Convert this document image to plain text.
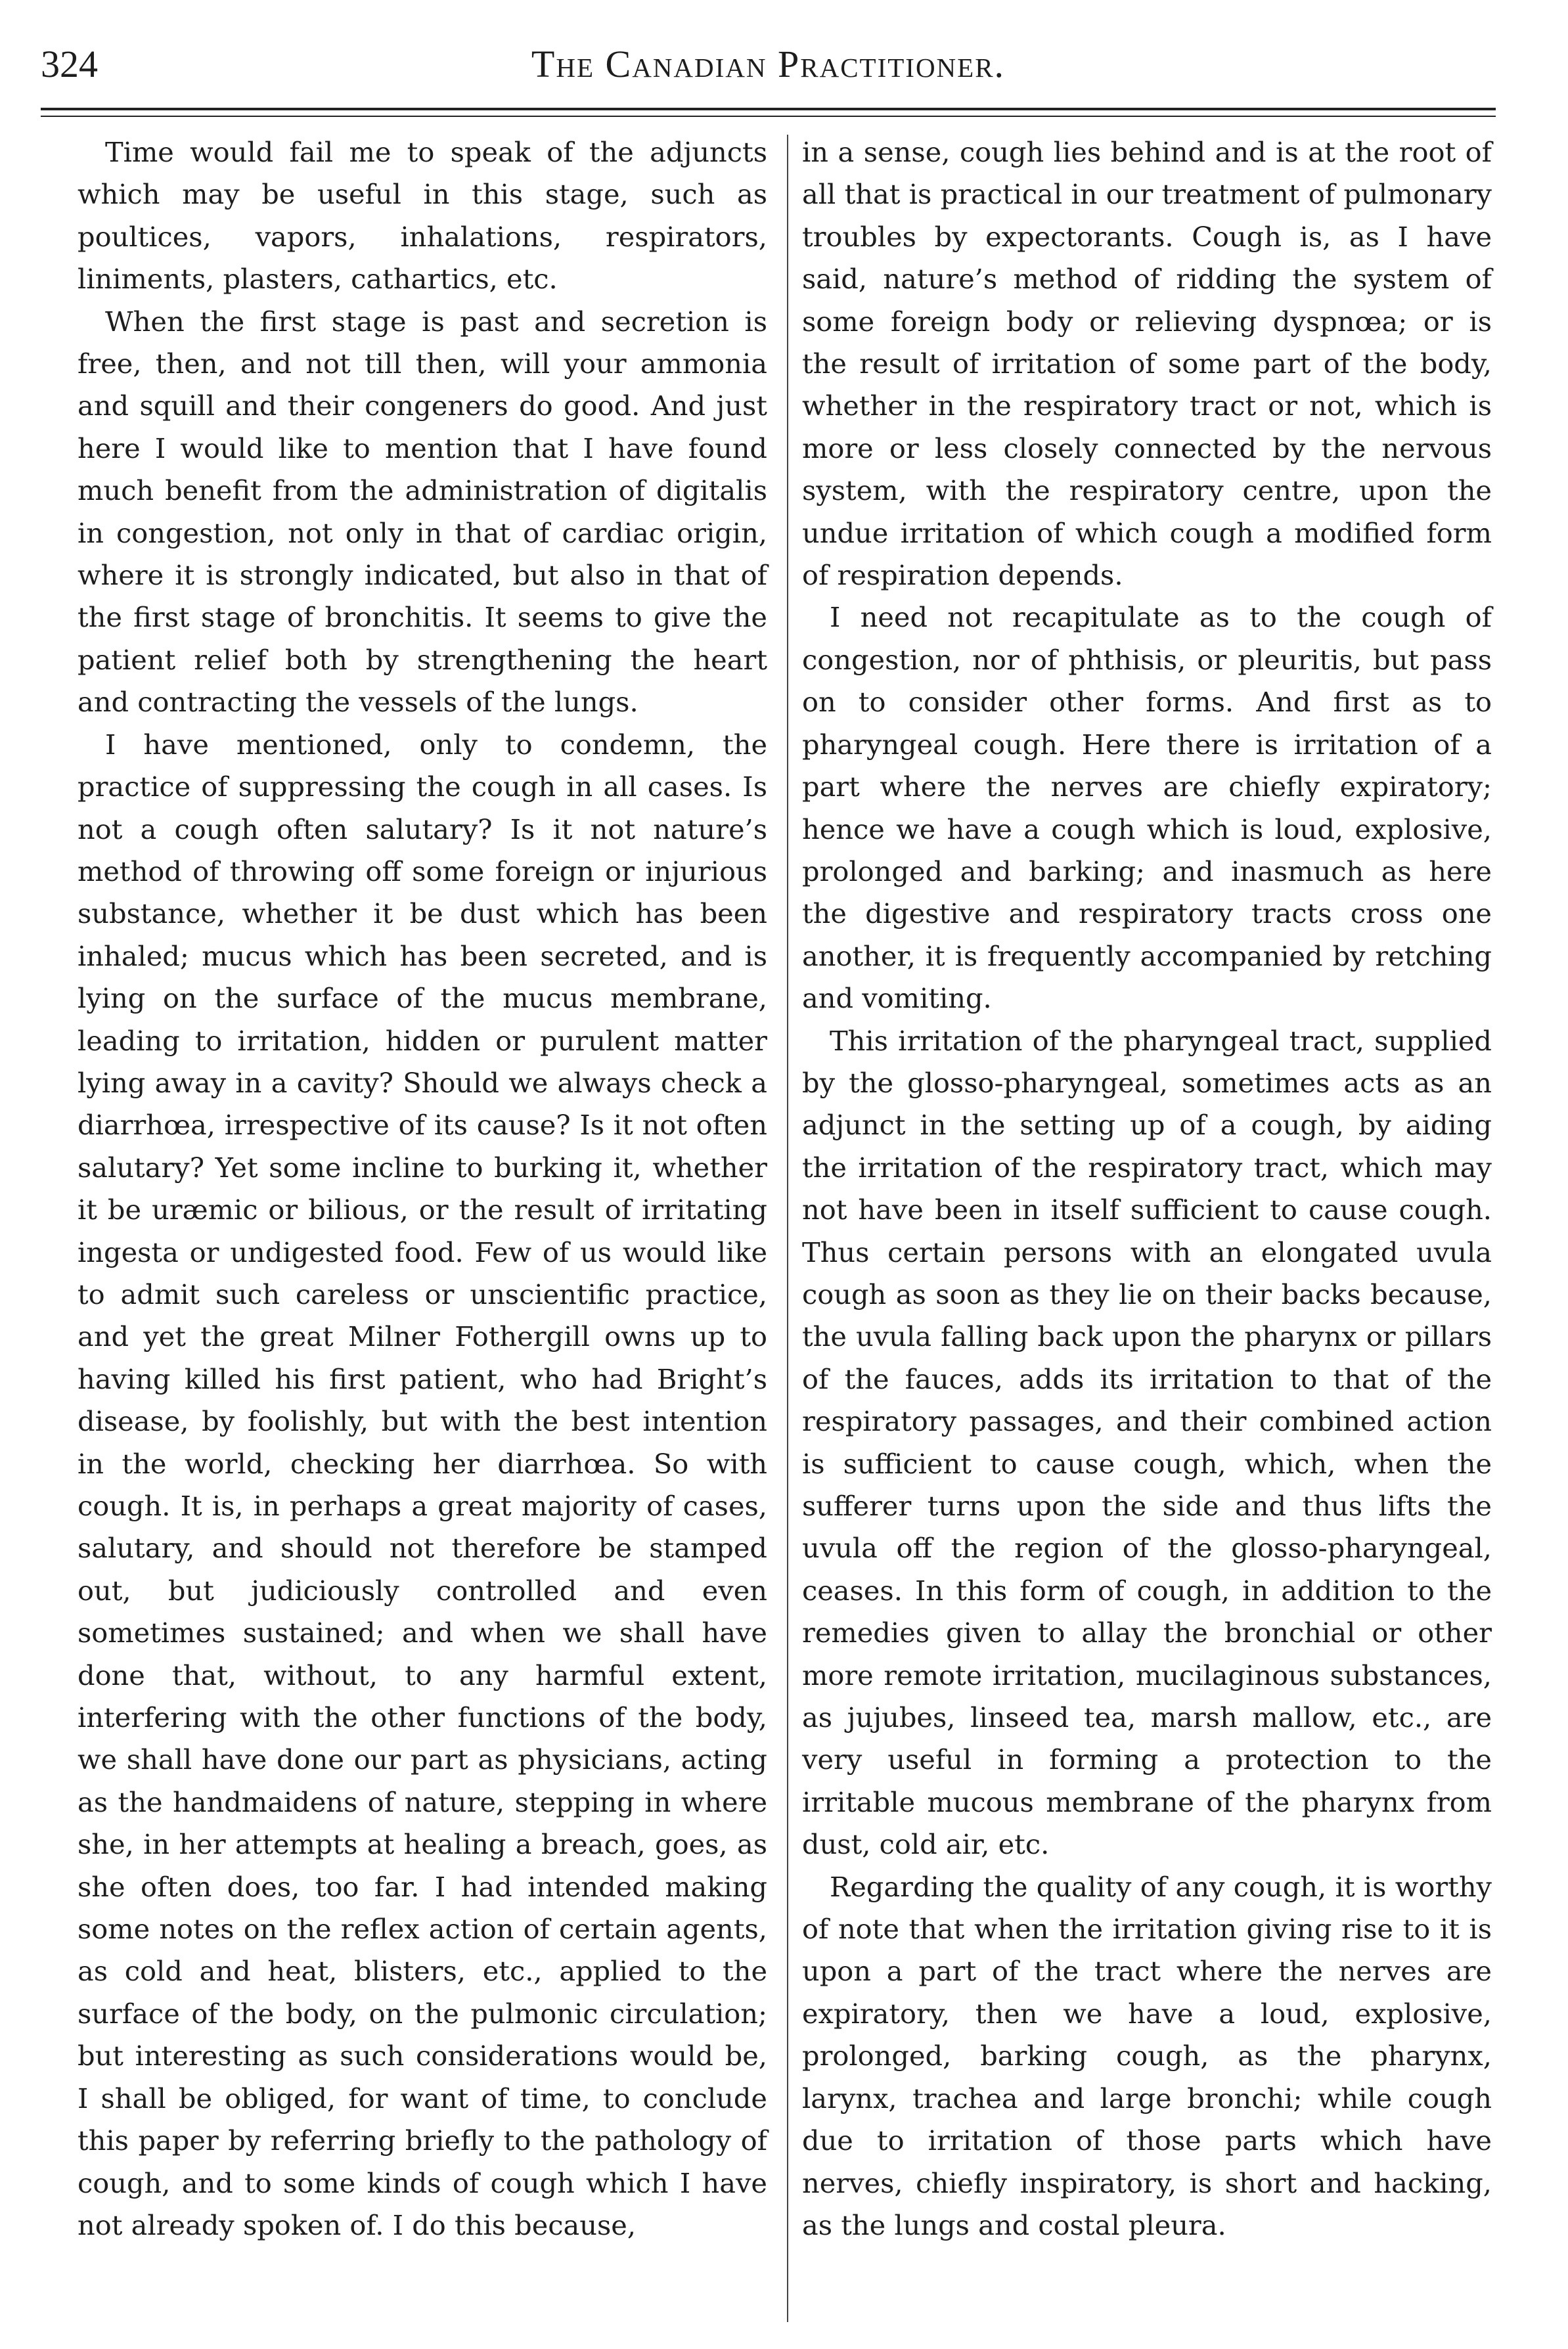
324	The Canadian Practitioner.

Time would fail me to speak of the adjuncts which may be useful in this stage, such as poultices, vapors, inhalations, respirators, liniments, plasters, cathartics, etc.

When the first stage is past and secretion is free, then, and not till then, will your ammonia and squill and their congeners do good. And just here I would like to mention that I have found much benefit from the administration of digitalis in congestion, not only in that of cardiac origin, where it is strongly indicated, but also in that of the first stage of bronchitis. It seems to give the patient relief both by strengthening the heart and contracting the vessels of the lungs.

I have mentioned, only to condemn, the practice of suppressing the cough in all cases. Is not a cough often salutary? Is it not nature’s method of throwing off some foreign or injurious substance, whether it be dust which has been inhaled; mucus which has been secreted, and is lying on the surface of the mucus membrane, leading to irritation, hidden or purulent matter lying away in a cavity? Should we always check a diarrhœa, irrespective of its cause? Is it not often salutary? Yet some incline to burking it, whether it be uræmic or bilious, or the result of irritating ingesta or undigested food. Few of us would like to admit such careless or unscientific practice, and yet the great Milner Fothergill owns up to having killed his first patient, who had Bright’s disease, by foolishly, but with the best intention in the world, checking her diarrhœa. So with cough. It is, in perhaps a great majority of cases, salutary, and should not therefore be stamped out, but judiciously controlled and even sometimes sustained; and when we shall have done that, without, to any harmful extent, interfering with the other functions of the body, we shall have done our part as physicians, acting as the handmaidens of nature, stepping in where she, in her attempts at healing a breach, goes, as she often does, too far. I had intended making some notes on the reflex action of certain agents, as cold and heat, blisters, etc., applied to the surface of the body, on the pulmonic circulation; but interesting as such considerations would be, I shall be obliged, for want of time, to conclude this paper by referring briefly to the pathology of cough, and to some kinds of cough which I have not already spoken of. I do this because,

in a sense, cough lies behind and is at the root of all that is practical in our treatment of pulmonary troubles by expectorants. Cough is, as I have said, nature’s method of ridding the system of some foreign body or relieving dyspnœa; or is the result of irritation of some part of the body, whether in the respiratory tract or not, which is more or less closely connected by the nervous system, with the respiratory centre, upon the undue irritation of which cough a modified form of respiration depends.

I need not recapitulate as to the cough of congestion, nor of phthisis, or pleuritis, but pass on to consider other forms. And first as to pharyngeal cough. Here there is irritation of a part where the nerves are chiefly expiratory; hence we have a cough which is loud, explosive, prolonged and barking; and inasmuch as here the digestive and respiratory tracts cross one another, it is frequently accompanied by retching and vomiting.

This irritation of the pharyngeal tract, supplied by the glosso-pharyngeal, sometimes acts as an adjunct in the setting up of a cough, by aiding the irritation of the respiratory tract, which may not have been in itself sufficient to cause cough. Thus certain persons with an elongated uvula cough as soon as they lie on their backs because, the uvula falling back upon the pharynx or pillars of the fauces, adds its irritation to that of the respiratory passages, and their combined action is sufficient to cause cough, which, when the sufferer turns upon the side and thus lifts the uvula off the region of the glosso-pharyngeal, ceases. In this form of cough, in addition to the remedies given to allay the bronchial or other more remote irritation, mucilaginous substances, as jujubes, linseed tea, marsh mallow, etc., are very useful in forming a protection to the irritable mucous membrane of the pharynx from dust, cold air, etc.

Regarding the quality of any cough, it is worthy of note that when the irritation giving rise to it is upon a part of the tract where the nerves are expiratory, then we have a loud, explosive, prolonged, barking cough, as the pharynx, larynx, trachea and large bronchi; while cough due to irritation of those parts which have nerves, chiefly inspiratory, is short and hacking, as the lungs and costal pleura.
